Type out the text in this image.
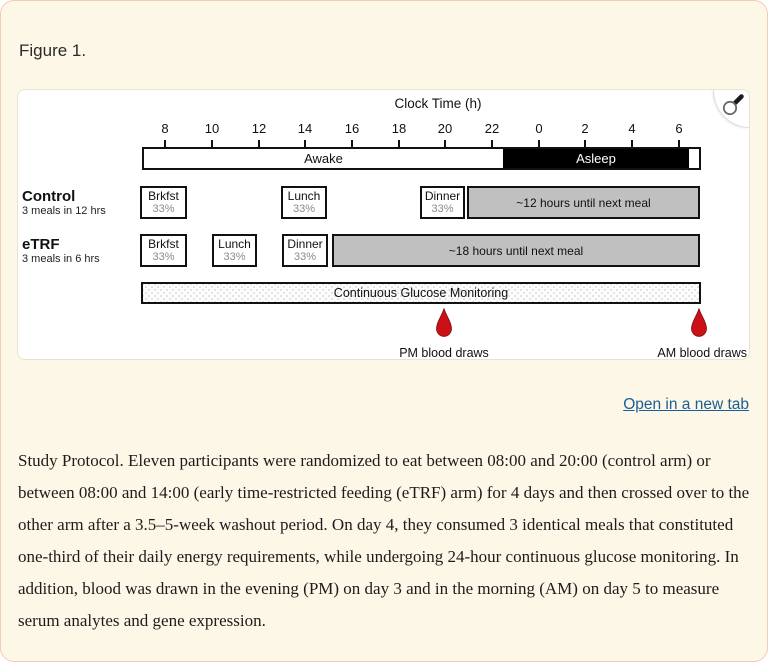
Figure 1.
Clock Time (h)
8	10	12	14	16	18	20	22	0	2	4	6
Awake	Asleep
Control
3 meals in 12 hrs
Brkfst
33%
Lunch
33%
Dinner
33%	~12 hours until next meal
eTRF
3 meals in 6 hrs
Brkfst
33%
Lunch
33%
Dinner
33%	~18 hours until next meal
Continuous Glucose Monitoring
PM blood draws	AM blood draws
Open in a new tab

Study Protocol. Eleven participants were randomized to eat between 08:00 and 20:00 (control arm) or between 08:00 and 14:00 (early time-restricted feeding (eTRF) arm) for 4 days and then crossed over to the other arm after a 3.5–5-week washout period. On day 4, they consumed 3 identical meals that constituted one-third of their daily energy requirements, while undergoing 24-hour continuous glucose monitoring. In addition, blood was drawn in the evening (PM) on day 3 and in the morning (AM) on day 5 to measure serum analytes and gene expression.
